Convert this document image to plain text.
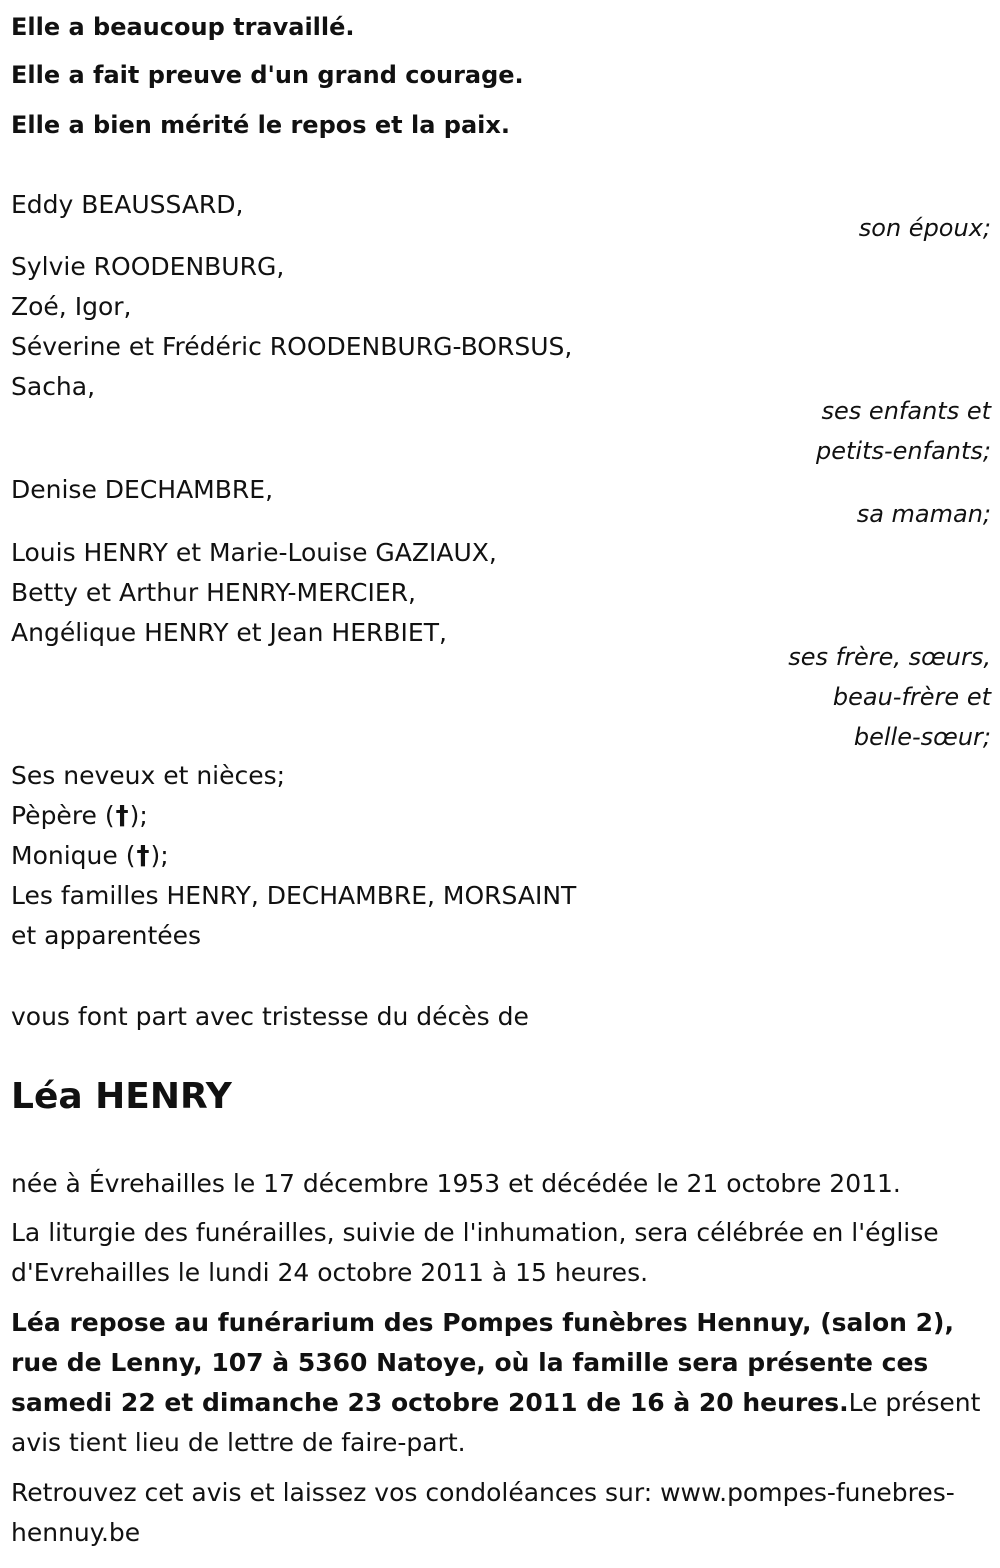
Elle a beaucoup travaillé.
Elle a fait preuve d'un grand courage.
Elle a bien mérité le repos et la paix.
Eddy BEAUSSARD,
son époux;
Sylvie ROODENBURG,
Zoé, Igor,
Séverine et Frédéric ROODENBURG-BORSUS,
Sacha,
ses enfants et
petits-enfants;
Denise DECHAMBRE,
sa maman;
Louis HENRY et Marie-Louise GAZIAUX,
Betty et Arthur HENRY-MERCIER,
Angélique HENRY et Jean HERBIET,
ses frère, sœurs,
beau-frère et
belle-sœur;
Ses neveux et nièces;
Pèpère (†);
Monique (†);
Les familles HENRY, DECHAMBRE, MORSAINT
et apparentées
vous font part avec tristesse du décès de
Léa HENRY
née à Évrehailles le 17 décembre 1953 et décédée le 21 octobre 2011.
La liturgie des funérailles, suivie de l'inhumation, sera célébrée en l'église d'Evrehailles le lundi 24 octobre 2011 à 15 heures.
Léa repose au funérarium des Pompes funèbres Hennuy, (salon 2), rue de Lenny, 107 à 5360 Natoye, où la famille sera présente ces samedi 22 et dimanche 23 octobre 2011 de 16 à 20 heures.Le présent avis tient lieu de lettre de faire-part.
Retrouvez cet avis et laissez vos condoléances sur: www.pompes-funebres-hennuy.be
